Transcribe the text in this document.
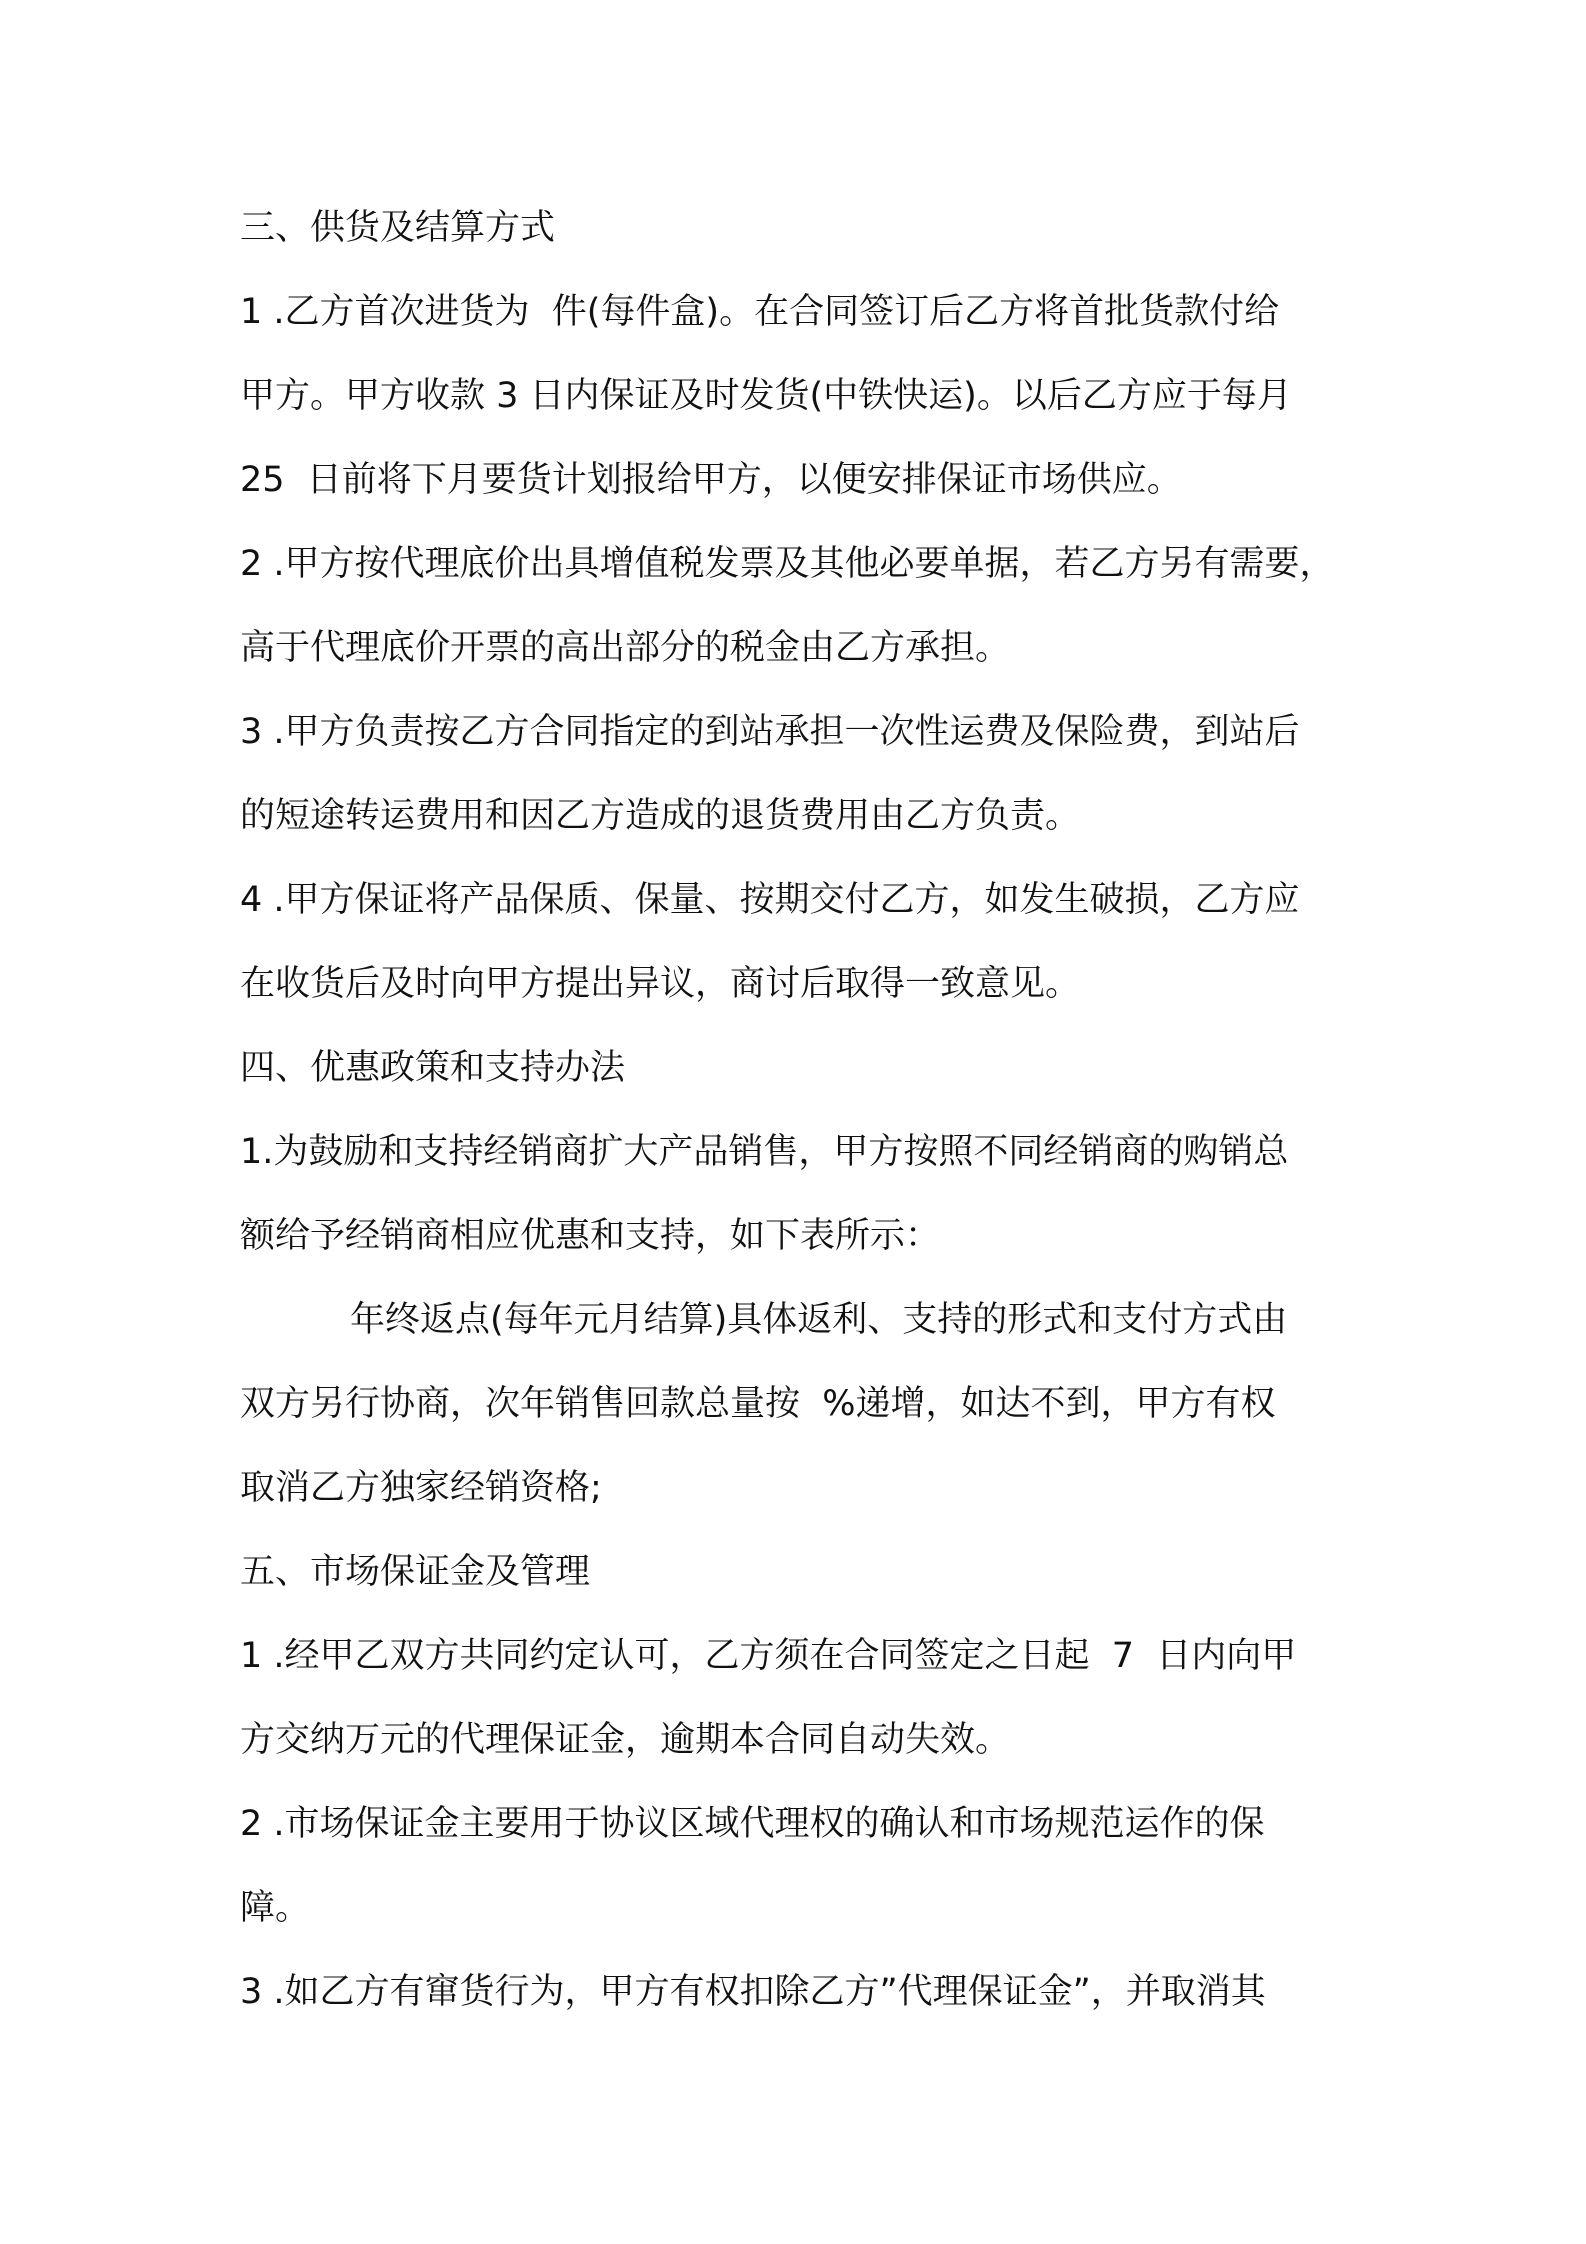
三、供货及结算方式

1 .乙方首次进货为  件(每件盒)。在合同签订后乙方将首批货款付给

甲方。甲方收款 3 日内保证及时发货(中铁快运)。以后乙方应于每月

25  日前将下月要货计划报给甲方，以便安排保证市场供应。

2 .甲方按代理底价出具增值税发票及其他必要单据，若乙方另有需要，

高于代理底价开票的高出部分的税金由乙方承担。

3 .甲方负责按乙方合同指定的到站承担一次性运费及保险费，到站后

的短途转运费用和因乙方造成的退货费用由乙方负责。

4 .甲方保证将产品保质、保量、按期交付乙方，如发生破损，乙方应

在收货后及时向甲方提出异议，商讨后取得一致意见。

四、优惠政策和支持办法

1.为鼓励和支持经销商扩大产品销售，甲方按照不同经销商的购销总

额给予经销商相应优惠和支持，如下表所示：

年终返点(每年元月结算)具体返利、支持的形式和支付方式由

双方另行协商，次年销售回款总量按  %递增，如达不到，甲方有权

取消乙方独家经销资格;

五、市场保证金及管理

1 .经甲乙双方共同约定认可，乙方须在合同签定之日起  7  日内向甲

方交纳万元的代理保证金，逾期本合同自动失效。

2 .市场保证金主要用于协议区域代理权的确认和市场规范运作的保

障。

3 .如乙方有窜货行为，甲方有权扣除乙方”代理保证金”，并取消其
